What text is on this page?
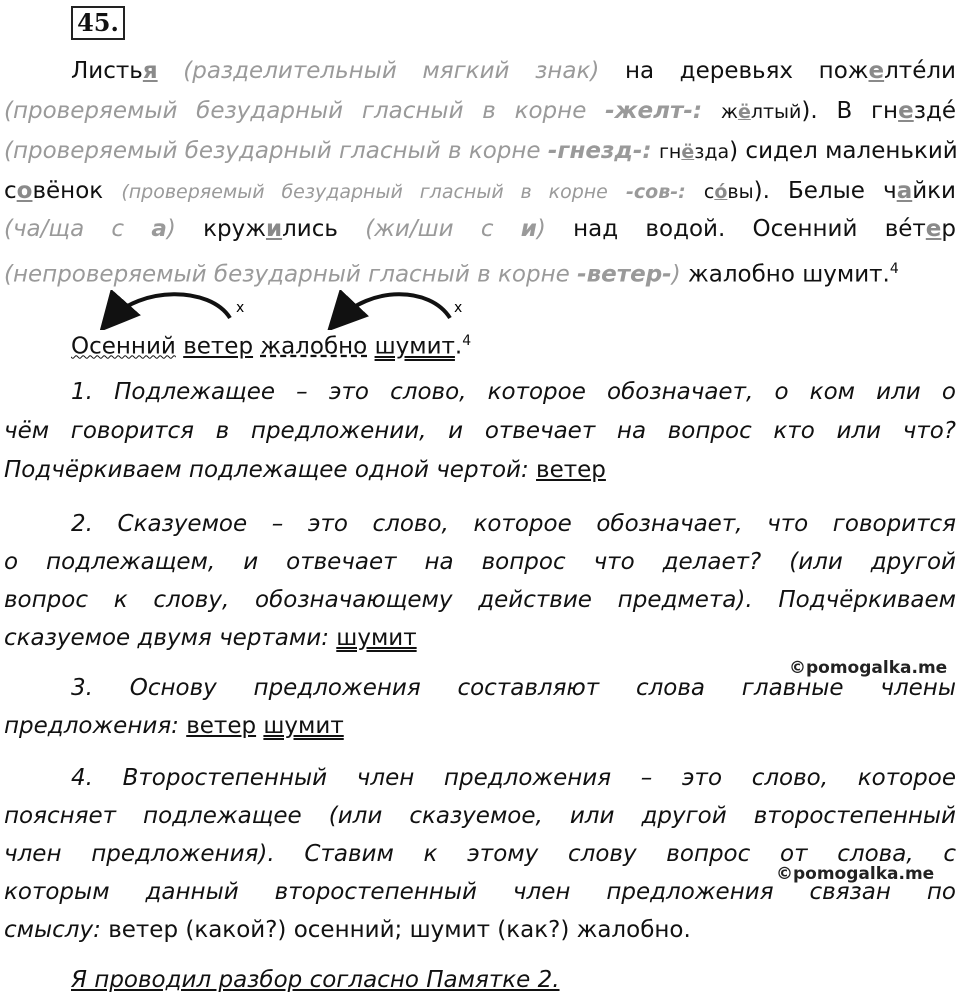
45.
Листья (разделительный мягкий знак) на деревьях пожелте́ли
(проверяемый безударный гласный в корне -желт-: жёлтый). В гнезде́
(проверяемый безударный гласный в корне -гнезд-: гнёзда) сидел маленький
совёнок (проверяемый безударный гласный в корне -сов-: со́вы). Белые чайки
(ча/ща с а) кружились (жи/ши с и) над водой. Осенний ве́тер
(непроверяемый безударный гласный в корне -ветер-) жалобно шумит.$^4$
x	x
Осенний ветер жалобно шумит.$^4$
1. Подлежащее – это слово, которое обозначает, о ком или о
чём говорится в предложении, и отвечает на вопрос кто или что?
Подчёркиваем подлежащее одной чертой: ветер
2. Сказуемое – это слово, которое обозначает, что говорится
о подлежащем, и отвечает на вопрос что делает? (или другой
вопрос к слову, обозначающему действие предмета). Подчёркиваем
сказуемое двумя чертами: шумит
©pomogalka.me
3. Основу предложения составляют слова главные члены
предложения: ветер шумит
4. Второстепенный член предложения – это слово, которое
поясняет подлежащее (или сказуемое, или другой второстепенный
член предложения). Ставим к этому слову вопрос от слова, с
которым данный второстепенный член предложения связан по
©pomogalka.me
смыслу: ветер (какой?) осенний; шумит (как?) жалобно.
Я проводил разбор согласно Памятке 2.
